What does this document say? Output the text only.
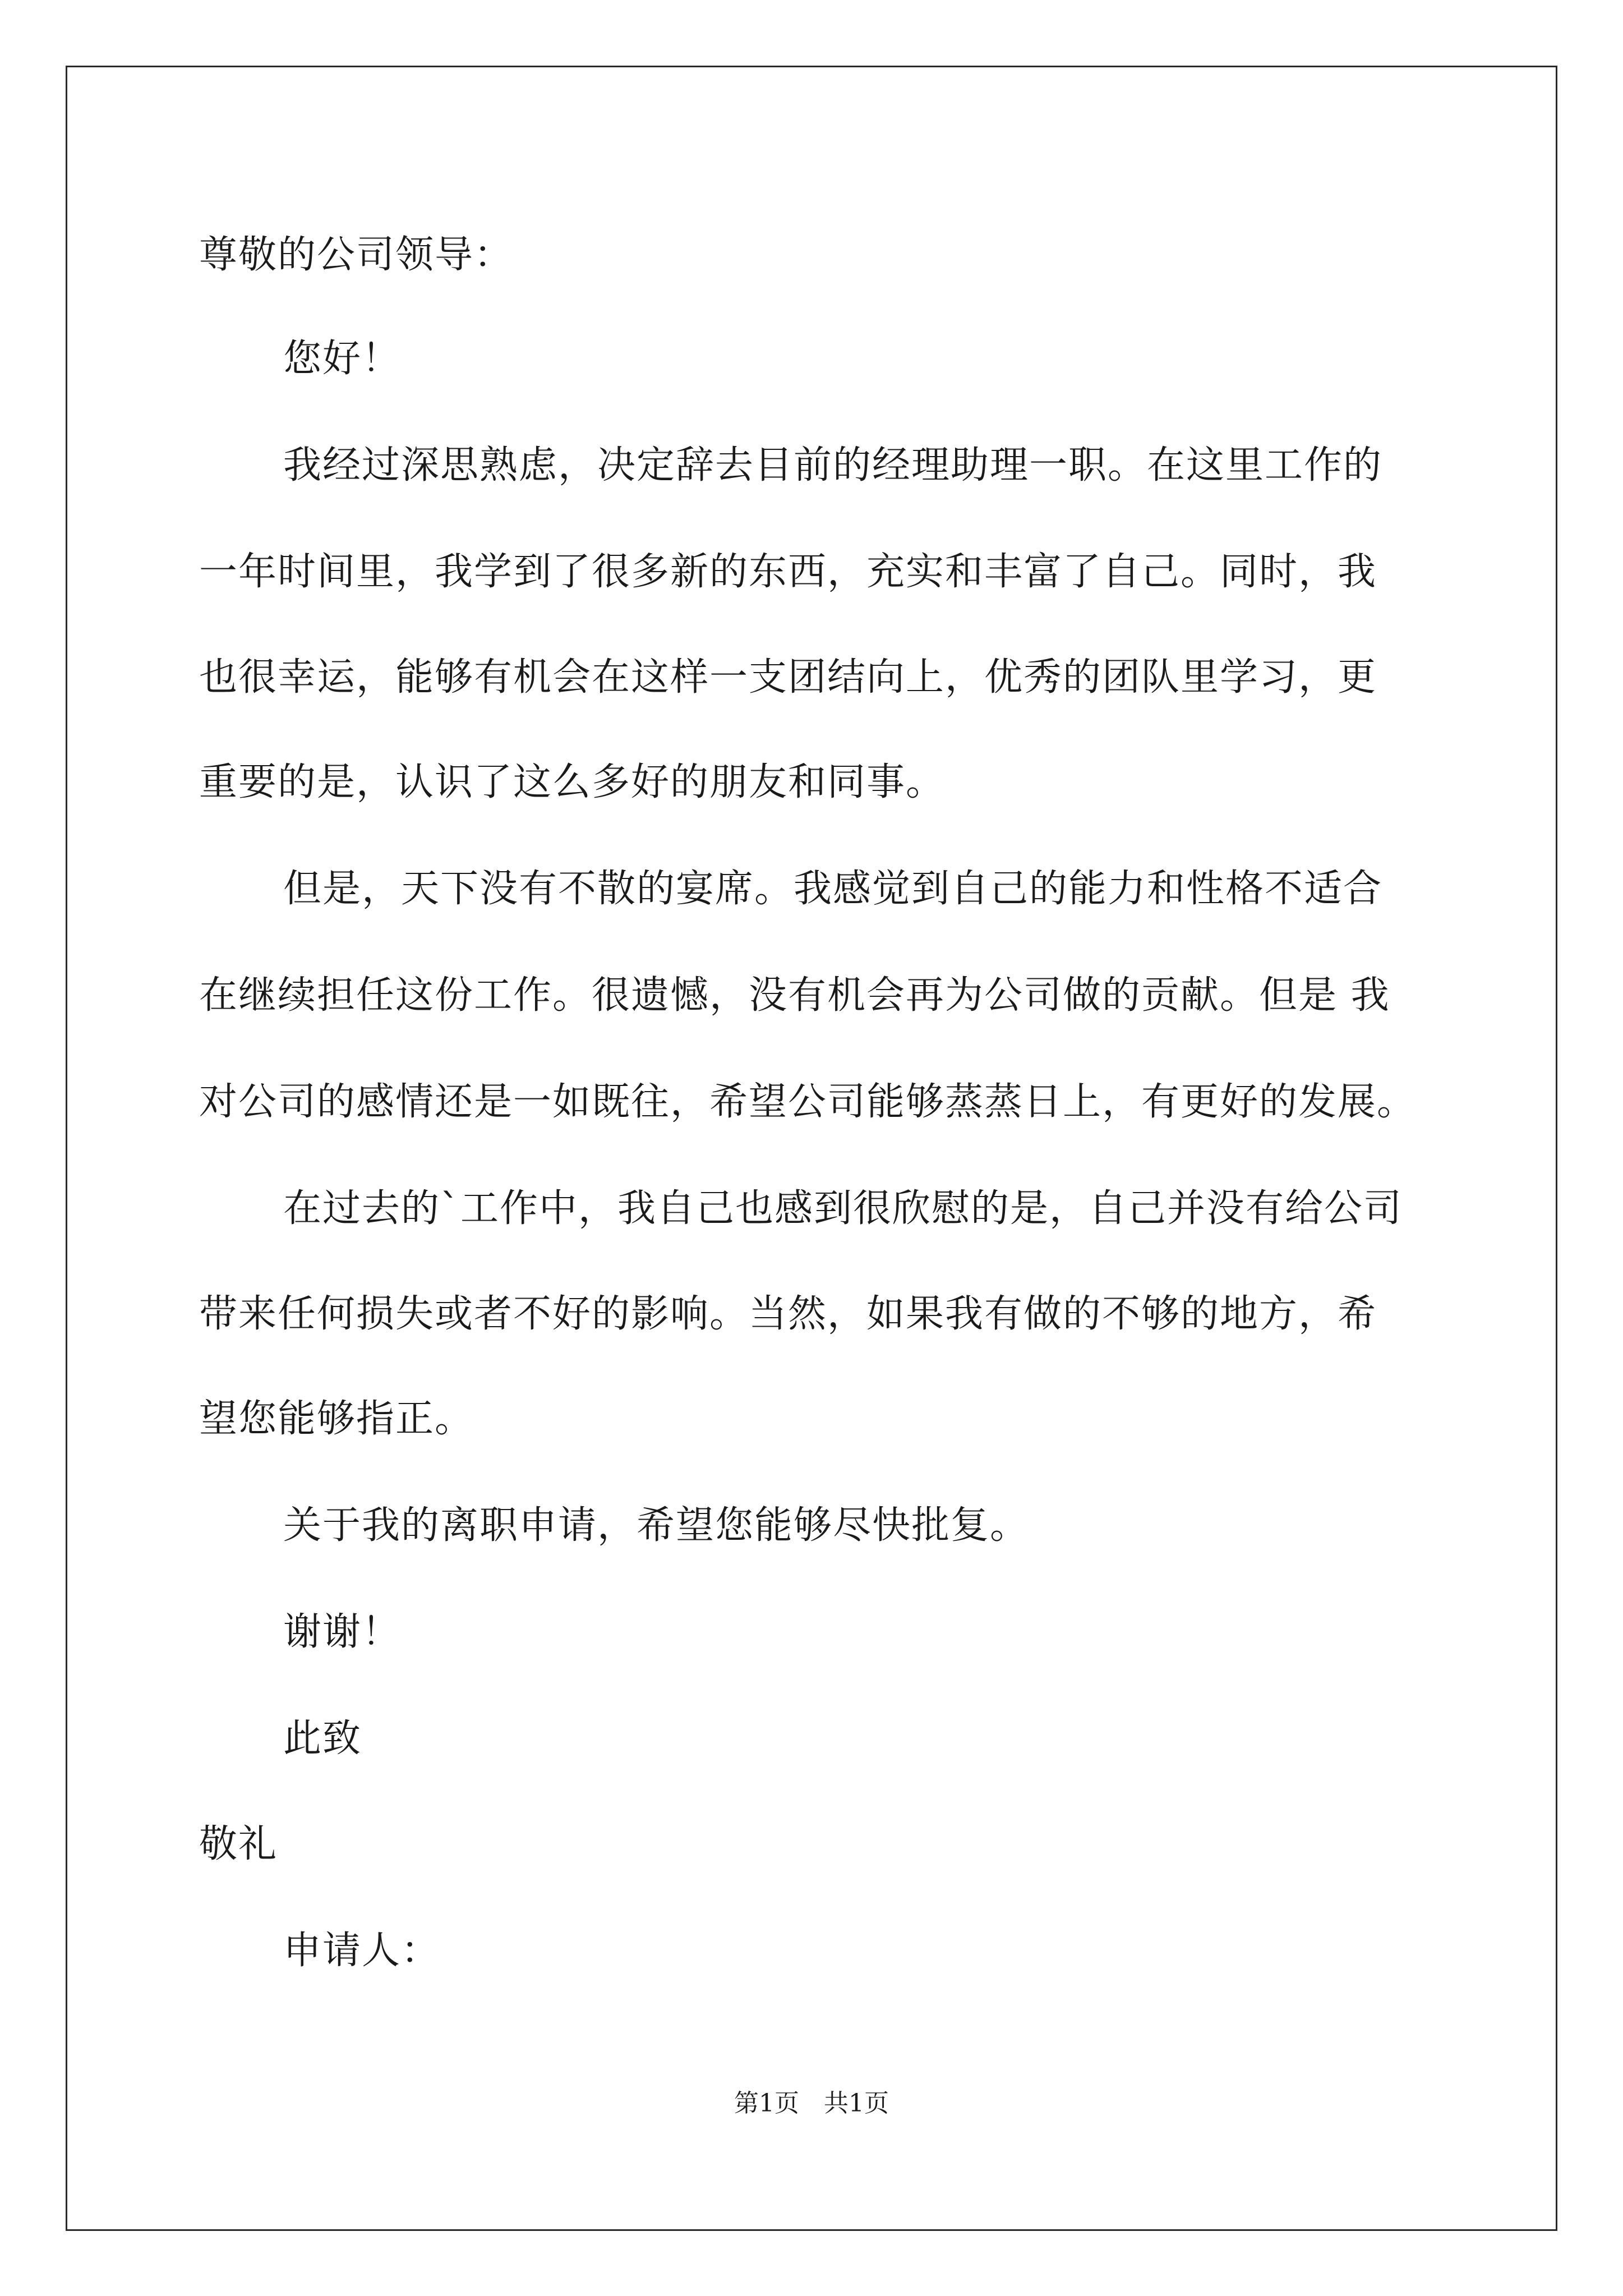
尊敬的公司领导：
您好！
我经过深思熟虑，决定辞去目前的经理助理一职。在这里工作的
一年时间里，我学到了很多新的东西，充实和丰富了自己。同时，我
也很幸运，能够有机会在这样一支团结向上，优秀的团队里学习，更
重要的是，认识了这么多好的朋友和同事。
但是，天下没有不散的宴席。我感觉到自己的能力和性格不适合
在继续担任这份工作。很遗憾，没有机会再为公司做的贡献。但是 我
对公司的感情还是一如既往，希望公司能够蒸蒸日上，有更好的发展。
在过去的`工作中，我自己也感到很欣慰的是，自己并没有给公司
带来任何损失或者不好的影响。当然，如果我有做的不够的地方，希
望您能够指正。
关于我的离职申请，希望您能够尽快批复。
谢谢！
此致
敬礼
申请人：
第1页　共1页
